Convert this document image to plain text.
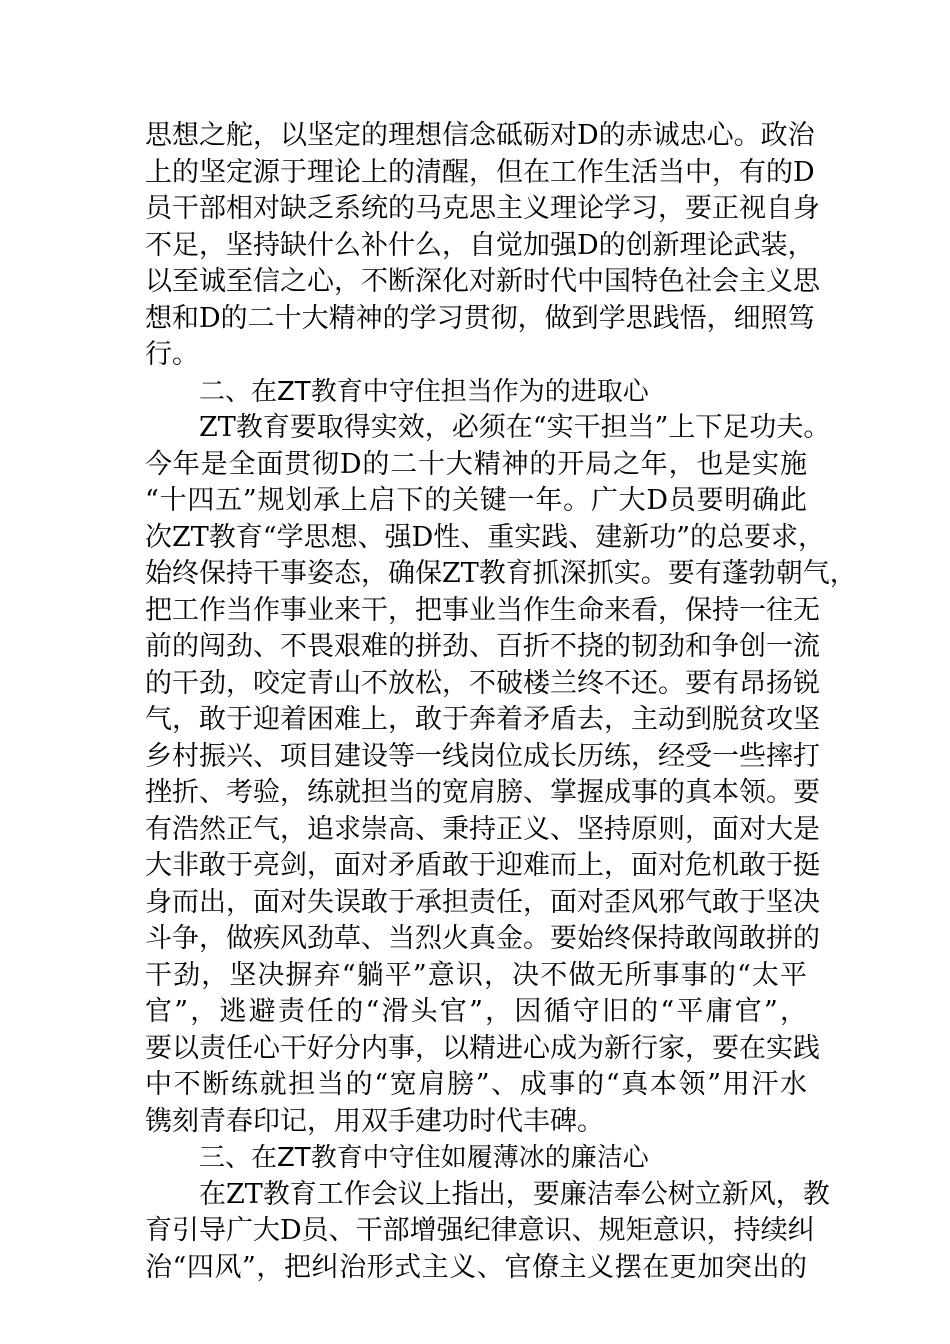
思想之舵，以坚定的理想信念砥砺对D的赤诚忠心。政治
上的坚定源于理论上的清醒，但在工作生活当中，有的D
员干部相对缺乏系统的马克思主义理论学习，要正视自身
不足，坚持缺什么补什么，自觉加强D的创新理论武装，
以至诚至信之心，不断深化对新时代中国特色社会主义思
想和D的二十大精神的学习贯彻，做到学思践悟，细照笃
行。

二、在ZT教育中守住担当作为的进取心

　　ZT教育要取得实效，必须在“实干担当”上下足功夫。
今年是全面贯彻D的二十大精神的开局之年，也是实施
“十四五”规划承上启下的关键一年。广大D员要明确此
次ZT教育“学思想、强D性、重实践、建新功”的总要求，
始终保持干事姿态，确保ZT教育抓深抓实。要有蓬勃朝气，
把工作当作事业来干，把事业当作生命来看，保持一往无
前的闯劲、不畏艰难的拼劲、百折不挠的韧劲和争创一流
的干劲，咬定青山不放松，不破楼兰终不还。要有昂扬锐
气，敢于迎着困难上，敢于奔着矛盾去，主动到脱贫攻坚
乡村振兴、项目建设等一线岗位成长历练，经受一些摔打
挫折、考验，练就担当的宽肩膀、掌握成事的真本领。要
有浩然正气，追求崇高、秉持正义、坚持原则，面对大是
大非敢于亮剑，面对矛盾敢于迎难而上，面对危机敢于挺
身而出，面对失误敢于承担责任，面对歪风邪气敢于坚决
斗争，做疾风劲草、当烈火真金。要始终保持敢闯敢拼的
干劲，坚决摒弃“躺平”意识，决不做无所事事的“太平
官”，逃避责任的“滑头官”，因循守旧的“平庸官”，
要以责任心干好分内事，以精进心成为新行家，要在实践
中不断练就担当的“宽肩膀”、成事的“真本领”用汗水
镌刻青春印记，用双手建功时代丰碑。

三、在ZT教育中守住如履薄冰的廉洁心

　　在ZT教育工作会议上指出，要廉洁奉公树立新风，教
育引导广大D员、干部增强纪律意识、规矩意识，持续纠
治“四风”，把纠治形式主义、官僚主义摆在更加突出的
